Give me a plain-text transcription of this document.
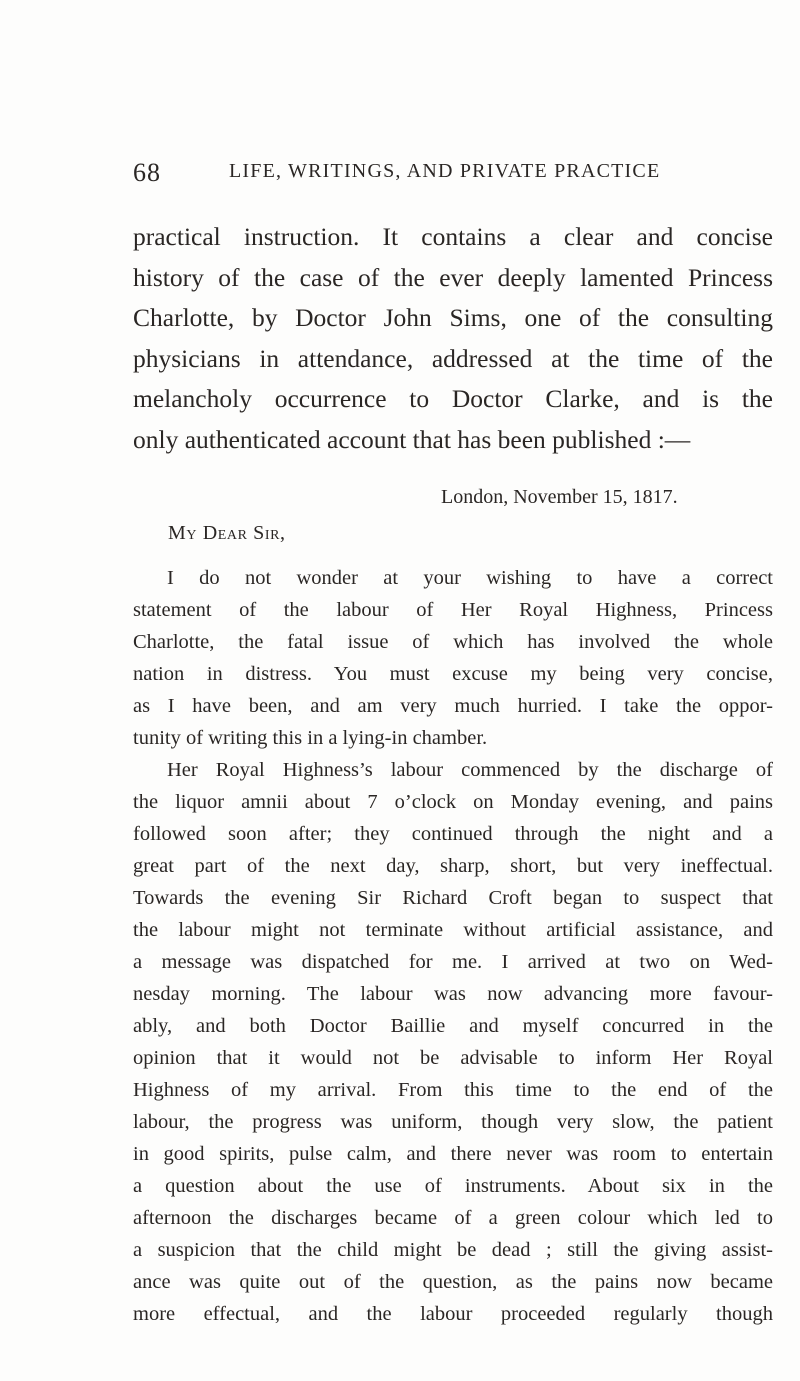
68	LIFE, WRITINGS, AND PRIVATE PRACTICE
practical instruction. It contains a clear and concise
history of the case of the ever deeply lamented Princess
Charlotte, by Doctor John Sims, one of the consulting
physicians in attendance, addressed at the time of the
melancholy occurrence to Doctor Clarke, and is the
only authenticated account that has been published :—
London, November 15, 1817.
My Dear Sir,
I do not wonder at your wishing to have a correct
statement of the labour of Her Royal Highness, Princess
Charlotte, the fatal issue of which has involved the whole
nation in distress. You must excuse my being very concise,
as I have been, and am very much hurried. I take the oppor-
tunity of writing this in a lying-in chamber.
Her Royal Highness’s labour commenced by the discharge of
the liquor amnii about 7 o’clock on Monday evening, and pains
followed soon after; they continued through the night and a
great part of the next day, sharp, short, but very ineffectual.
Towards the evening Sir Richard Croft began to suspect that
the labour might not terminate without artificial assistance, and
a message was dispatched for me. I arrived at two on Wed-
nesday morning. The labour was now advancing more favour-
ably, and both Doctor Baillie and myself concurred in the
opinion that it would not be advisable to inform Her Royal
Highness of my arrival. From this time to the end of the
labour, the progress was uniform, though very slow, the patient
in good spirits, pulse calm, and there never was room to entertain
a question about the use of instruments. About six in the
afternoon the discharges became of a green colour which led to
a suspicion that the child might be dead ; still the giving assist-
ance was quite out of the question, as the pains now became
more effectual, and the labour proceeded regularly though
